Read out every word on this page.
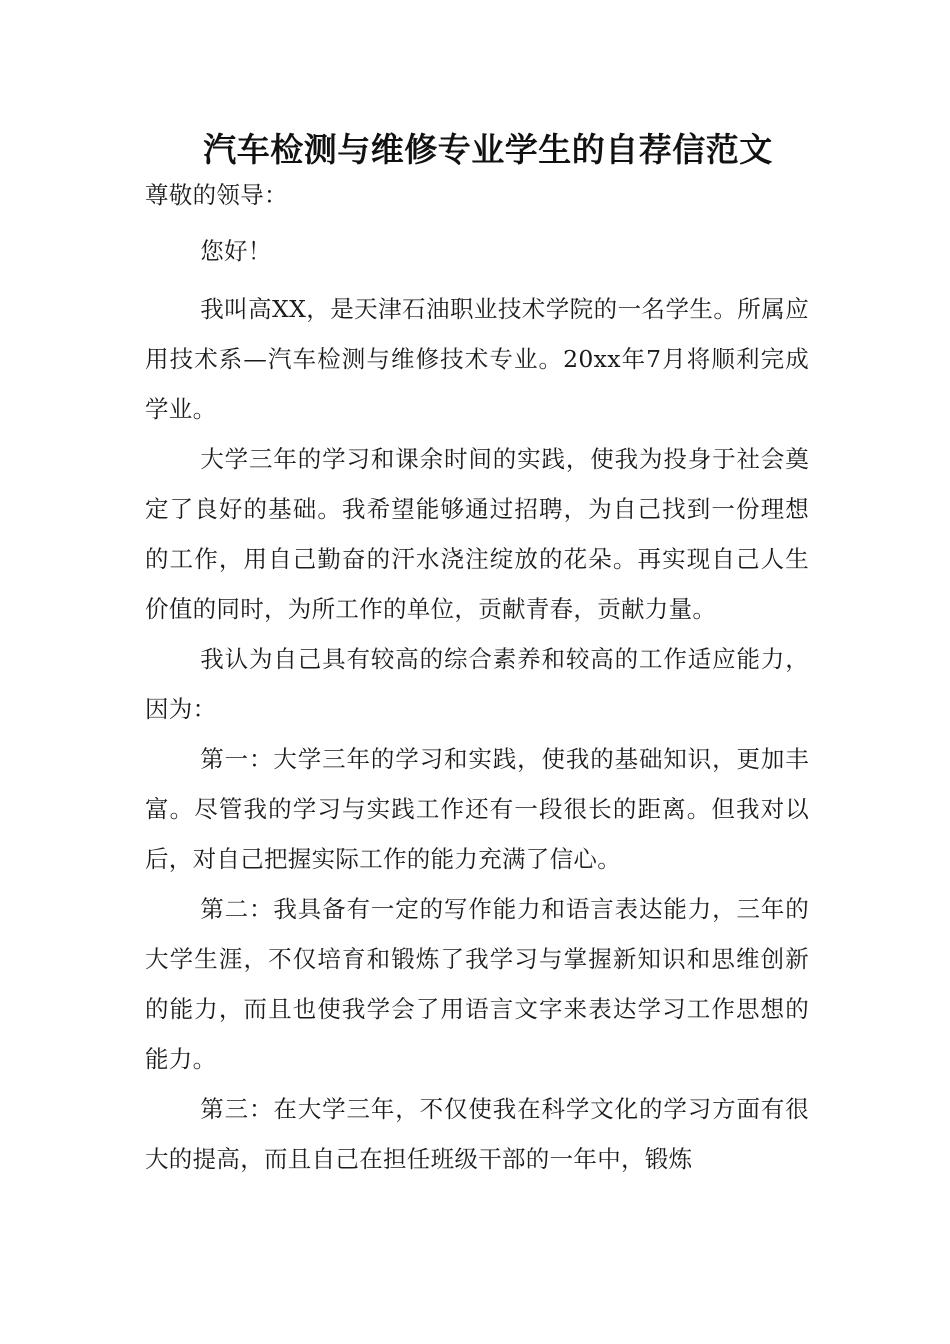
汽车检测与维修专业学生的自荐信范文

尊敬的领导：

您好！

我叫高XX，是天津石油职业技术学院的一名学生。所属应用技术系—汽车检测与维修技术专业。20xx年7月将顺利完成学业。

大学三年的学习和课余时间的实践，使我为投身于社会奠定了良好的基础。我希望能够通过招聘，为自己找到一份理想的工作，用自己勤奋的汗水浇注绽放的花朵。再实现自己人生价值的同时，为所工作的单位，贡献青春，贡献力量。

我认为自己具有较高的综合素养和较高的工作适应能力，因为：

第一：大学三年的学习和实践，使我的基础知识，更加丰富。尽管我的学习与实践工作还有一段很长的距离。但我对以后，对自己把握实际工作的能力充满了信心。

第二：我具备有一定的写作能力和语言表达能力，三年的大学生涯，不仅培育和锻炼了我学习与掌握新知识和思维创新的能力，而且也使我学会了用语言文字来表达学习工作思想的能力。

第三：在大学三年，不仅使我在科学文化的学习方面有很大的提高，而且自己在担任班级干部的一年中，锻炼
